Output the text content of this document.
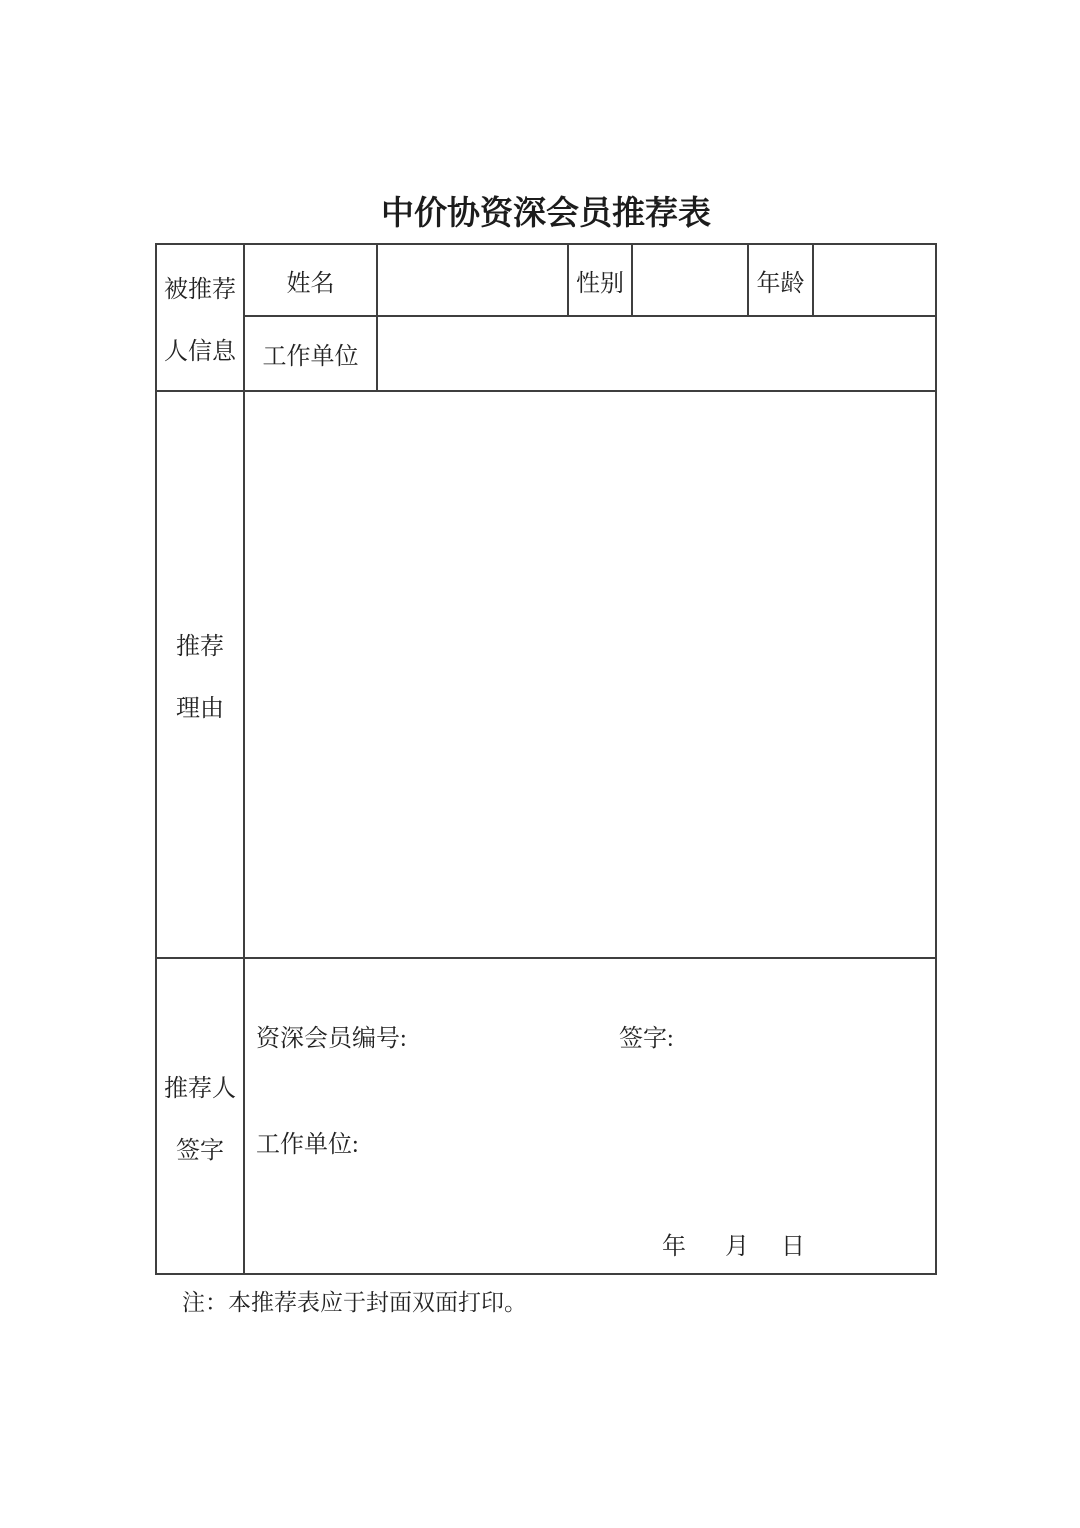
中价协资深会员推荐表
被推荐
人信息	姓名		性别		年龄	
	工作单位					

推荐
理由						

推荐人
签字

资深会员编号:	签字:
工作单位:
年 月 日
注：本推荐表应于封面双面打印。
